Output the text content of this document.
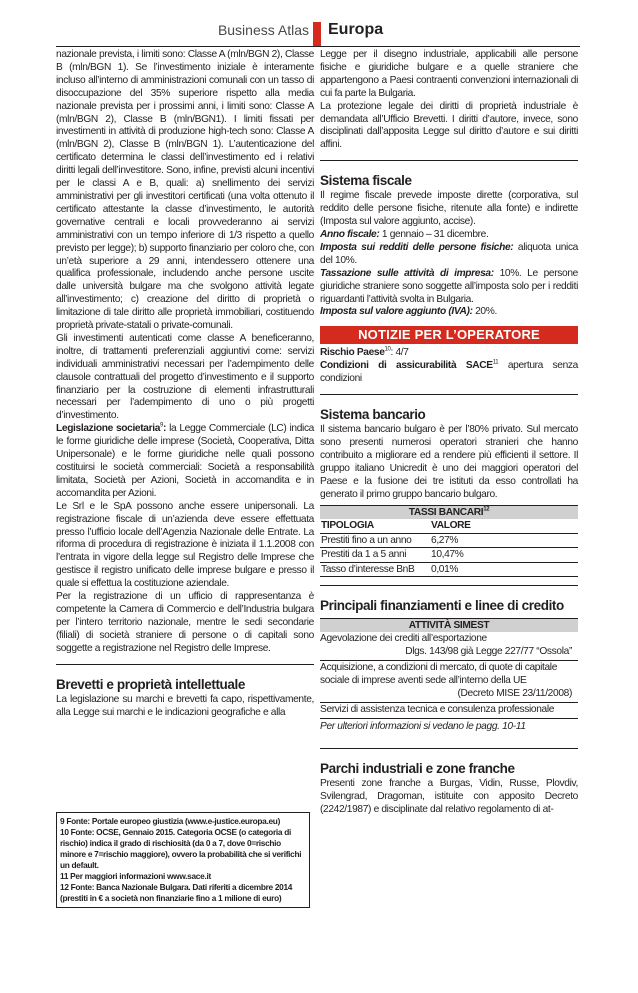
Business Atlas Europa

nazionale prevista, i limiti sono: Classe A (mln/BGN 2), Classe B (mln/BGN 1). Se l’investimento iniziale è interamente incluso all’interno di amministrazioni comunali con un tasso di disoccupazione del 35% superiore rispetto alla media nazionale prevista per i prossimi anni, i limiti sono: Classe A (mln/BGN 2), Classe B (mln/BGN1). I limiti fissati per investimenti in attività di produzione high-tech sono: Classe A (mln/BGN 2), Classe B (mln/BGN 1). L’autenticazione del certificato determina le classi dell’investimento ed i relativi diritti legali dell’investitore. Sono, infine, previsti alcuni incentivi per le classi A e B, quali: a) snellimento dei servizi amministrativi per gli investitori certificati (una volta ottenuto il certificato attestante la classe d’investimento, le autorità governative centrali e locali provvederanno ai servizi amministrativi con un tempo inferiore di 1/3 rispetto a quello previsto per legge); b) supporto finanziario per coloro che, con un’età superiore a 29 anni, intendessero ottenere una qualifica professionale, includendo anche persone uscite dalle università bulgare ma che svolgono attività legate all’investimento; c) creazione del diritto di proprietà o limitazione di tale diritto alle proprietà immobiliari, costituendo proprietà private-statali o private-comunali.

Gli investimenti autenticati come classe A beneficeranno, inoltre, di trattamenti preferenziali aggiuntivi come: servizi individuali amministrativi necessari per l’adempimento delle clausole contrattuali del progetto d’investimento e il supporto finanziario per la costruzione di elementi infrastrutturali necessari per l’adempimento di uno o più progetti d’investimento.

Legislazione societaria$^9$: la Legge Commerciale (LC) indica le forme giuridiche delle imprese (Società, Cooperativa, Ditta Unipersonale) e le forme giuridiche nelle quali possono costituirsi le società commerciali: Società a responsabilità limitata, Società per Azioni, Società in accomandita e in accomandita per Azioni.

Le Srl e le SpA possono anche essere unipersonali. La registrazione fiscale di un’azienda deve essere effettuata presso l’ufficio locale dell’Agenzia Nazionale delle Entrate. La riforma di procedura di registrazione è iniziata il 1.1.2008 con l’entrata in vigore della legge sul Registro delle Imprese che gestisce il registro unificato delle imprese bulgare e presso il quale si effettua la costituzione aziendale.

Per la registrazione di un ufficio di rappresentanza è competente la Camera di Commercio e dell’Industria bulgara per l’intero territorio nazionale, mentre le sedi secondarie (filiali) di società straniere di persone o di capitali sono soggette a registrazione nel Registro delle Imprese.

Brevetti e proprietà intellettuale

La legislazione su marchi e brevetti fa capo, rispettivamente, alla Legge sui marchi e le indicazioni geografiche e alla

9 Fonte: Portale europeo giustizia (www.e-justice.europa.eu)
10 Fonte: OCSE, Gennaio 2015. Categoria OCSE (o categoria di rischio) indica il grado di rischiosità (da 0 a 7, dove 0=rischio minore e 7=rischio maggiore), ovvero la probabilità che si verifichi un default.
11 Per maggiori informazioni www.sace.it
12 Fonte: Banca Nazionale Bulgara. Dati riferiti a dicembre 2014 (prestiti in € a società non finanziarie fino a 1 milione di euro)

Legge per il disegno industriale, applicabili alle persone fisiche e giuridiche bulgare e a quelle straniere che appartengono a Paesi contraenti convenzioni internazionali di cui fa parte la Bulgaria.

La protezione legale dei diritti di proprietà industriale è demandata all’Ufficio Brevetti. I diritti d’autore, invece, sono disciplinati dall’apposita Legge sul diritto d’autore e sui diritti affini.

Sistema fiscale

Il regime fiscale prevede imposte dirette (corporativa, sul reddito delle persone fisiche, ritenute alla fonte) e indirette (Imposta sul valore aggiunto, accise).

Anno fiscale: 1 gennaio – 31 dicembre.

Imposta sui redditi delle persone fisiche: aliquota unica del 10%.

Tassazione sulle attività di impresa: 10%. Le persone giuridiche straniere sono soggette all’imposta solo per i redditi riguardanti l’attività svolta in Bulgaria.

Imposta sul valore aggiunto (IVA): 20%.

NOTIZIE PER L’OPERATORE

Rischio Paese$^{10}$: 4/7

Condizioni di assicurabilità SACE$^{11}$ apertura senza condizioni

Sistema bancario

Il sistema bancario bulgaro è per l’80% privato. Sul mercato sono presenti numerosi operatori stranieri che hanno contribuito a migliorare ed a rendere più efficienti il settore. Il gruppo italiano Unicredit è uno dei maggiori operatori del Paese e la fusione dei tre istituti da esso controllati ha generato il primo gruppo bancario bulgaro.

TASSI BANCARI$^{12}$
TIPOLOGIA	VALORE
Prestiti fino a un anno	6,27%
Prestiti da 1 a 5 anni	10,47%
Tasso d’interesse BnB	0,01%
Principali finanziamenti e linee di credito
ATTIVITÀ SIMEST
Agevolazione dei crediti all’esportazione
Dlgs. 143/98 già Legge 227/77 “Ossola”
Acquisizione, a condizioni di mercato, di quote di capitale sociale di imprese aventi sede all’interno della UE
(Decreto MISE 23/11/2008)
Servizi di assistenza tecnica e consulenza professionale

Per ulteriori informazioni si vedano le pagg. 10-11

Parchi industriali e zone franche

Presenti zone franche a Burgas, Vidin, Russe, Plovdiv, Svilengrad, Dragoman, istituite con apposito Decreto (2242/1987) e disciplinate dal relativo regolamento di at-
